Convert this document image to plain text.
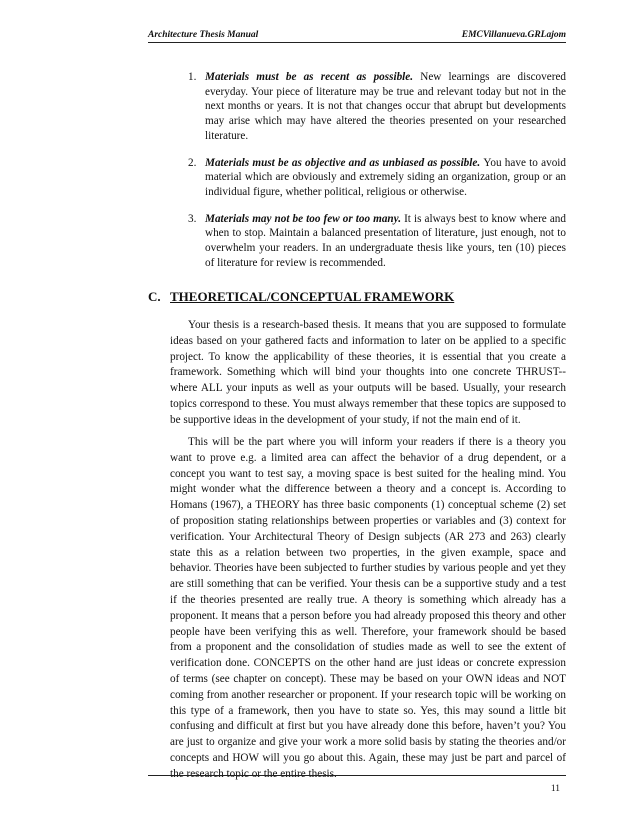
Architecture Thesis Manual	EMCVillanueva.GRLajom
1. Materials must be as recent as possible. New learnings are discovered everyday. Your piece of literature may be true and relevant today but not in the next months or years. It is not that changes occur that abrupt but developments may arise which may have altered the theories presented on your researched literature.
2. Materials must be as objective and as unbiased as possible. You have to avoid material which are obviously and extremely siding an organization, group or an individual figure, whether political, religious or otherwise.
3. Materials may not be too few or too many. It is always best to know where and when to stop. Maintain a balanced presentation of literature, just enough, not to overwhelm your readers. In an undergraduate thesis like yours, ten (10) pieces of literature for review is recommended.
C. THEORETICAL/CONCEPTUAL FRAMEWORK

Your thesis is a research-based thesis. It means that you are supposed to formulate ideas based on your gathered facts and information to later on be applied to a specific project. To know the applicability of these theories, it is essential that you create a framework. Something which will bind your thoughts into one concrete THRUST-- where ALL your inputs as well as your outputs will be based. Usually, your research topics correspond to these. You must always remember that these topics are supposed to be supportive ideas in the development of your study, if not the main end of it.

This will be the part where you will inform your readers if there is a theory you want to prove e.g. a limited area can affect the behavior of a drug dependent, or a concept you want to test say, a moving space is best suited for the healing mind. You might wonder what the difference between a theory and a concept is. According to Homans (1967), a THEORY has three basic components (1) conceptual scheme (2) set of proposition stating relationships between properties or variables and (3) context for verification. Your Architectural Theory of Design subjects (AR 273 and 263) clearly state this as a relation between two properties, in the given example, space and behavior. Theories have been subjected to further studies by various people and yet they are still something that can be verified. Your thesis can be a supportive study and a test if the theories presented are really true. A theory is something which already has a proponent. It means that a person before you had already proposed this theory and other people have been verifying this as well. Therefore, your framework should be based from a proponent and the consolidation of studies made as well to see the extent of verification done. CONCEPTS on the other hand are just ideas or concrete expression of terms (see chapter on concept). These may be based on your OWN ideas and NOT coming from another researcher or proponent. If your research topic will be working on this type of a framework, then you have to state so. Yes, this may sound a little bit confusing and difficult at first but you have already done this before, haven’t you? You are just to organize and give your work a more solid basis by stating the theories and/or concepts and HOW will you go about this. Again, these may just be part and parcel of the research topic or the entire thesis.

11
